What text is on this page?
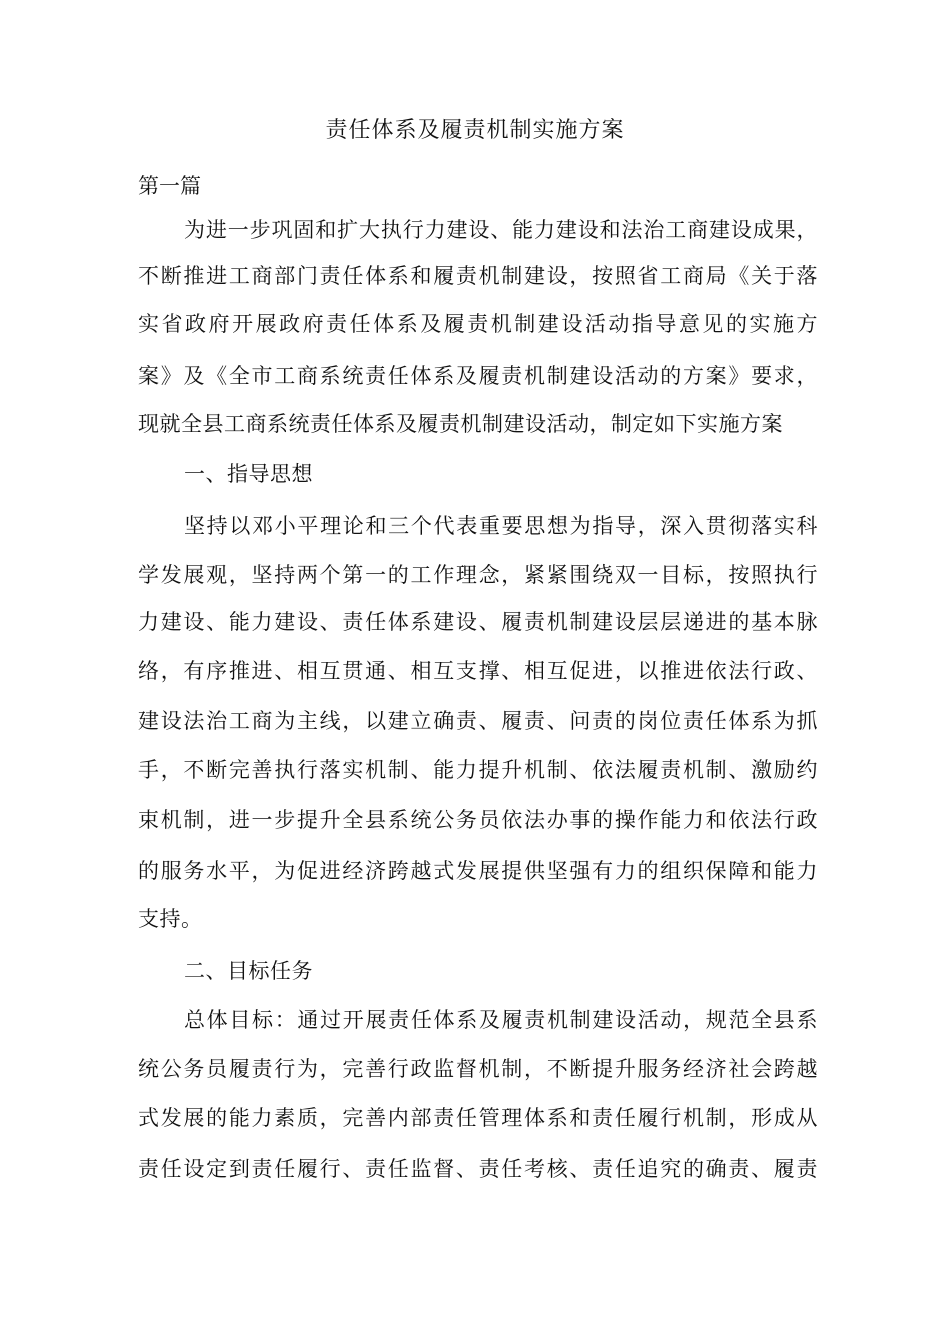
责任体系及履责机制实施方案
第一篇
为进一步巩固和扩大执行力建设、能力建设和法治工商建设成果，
不断推进工商部门责任体系和履责机制建设，按照省工商局《关于落
实省政府开展政府责任体系及履责机制建设活动指导意见的实施方
案》及《全市工商系统责任体系及履责机制建设活动的方案》要求，
现就全县工商系统责任体系及履责机制建设活动，制定如下实施方案
一、指导思想
坚持以邓小平理论和三个代表重要思想为指导，深入贯彻落实科
学发展观，坚持两个第一的工作理念，紧紧围绕双一目标，按照执行
力建设、能力建设、责任体系建设、履责机制建设层层递进的基本脉
络，有序推进、相互贯通、相互支撑、相互促进，以推进依法行政、
建设法治工商为主线，以建立确责、履责、问责的岗位责任体系为抓
手，不断完善执行落实机制、能力提升机制、依法履责机制、激励约
束机制，进一步提升全县系统公务员依法办事的操作能力和依法行政
的服务水平，为促进经济跨越式发展提供坚强有力的组织保障和能力
支持。
二、目标任务
总体目标：通过开展责任体系及履责机制建设活动，规范全县系
统公务员履责行为，完善行政监督机制，不断提升服务经济社会跨越
式发展的能力素质，完善内部责任管理体系和责任履行机制，形成从
责任设定到责任履行、责任监督、责任考核、责任追究的确责、履责
